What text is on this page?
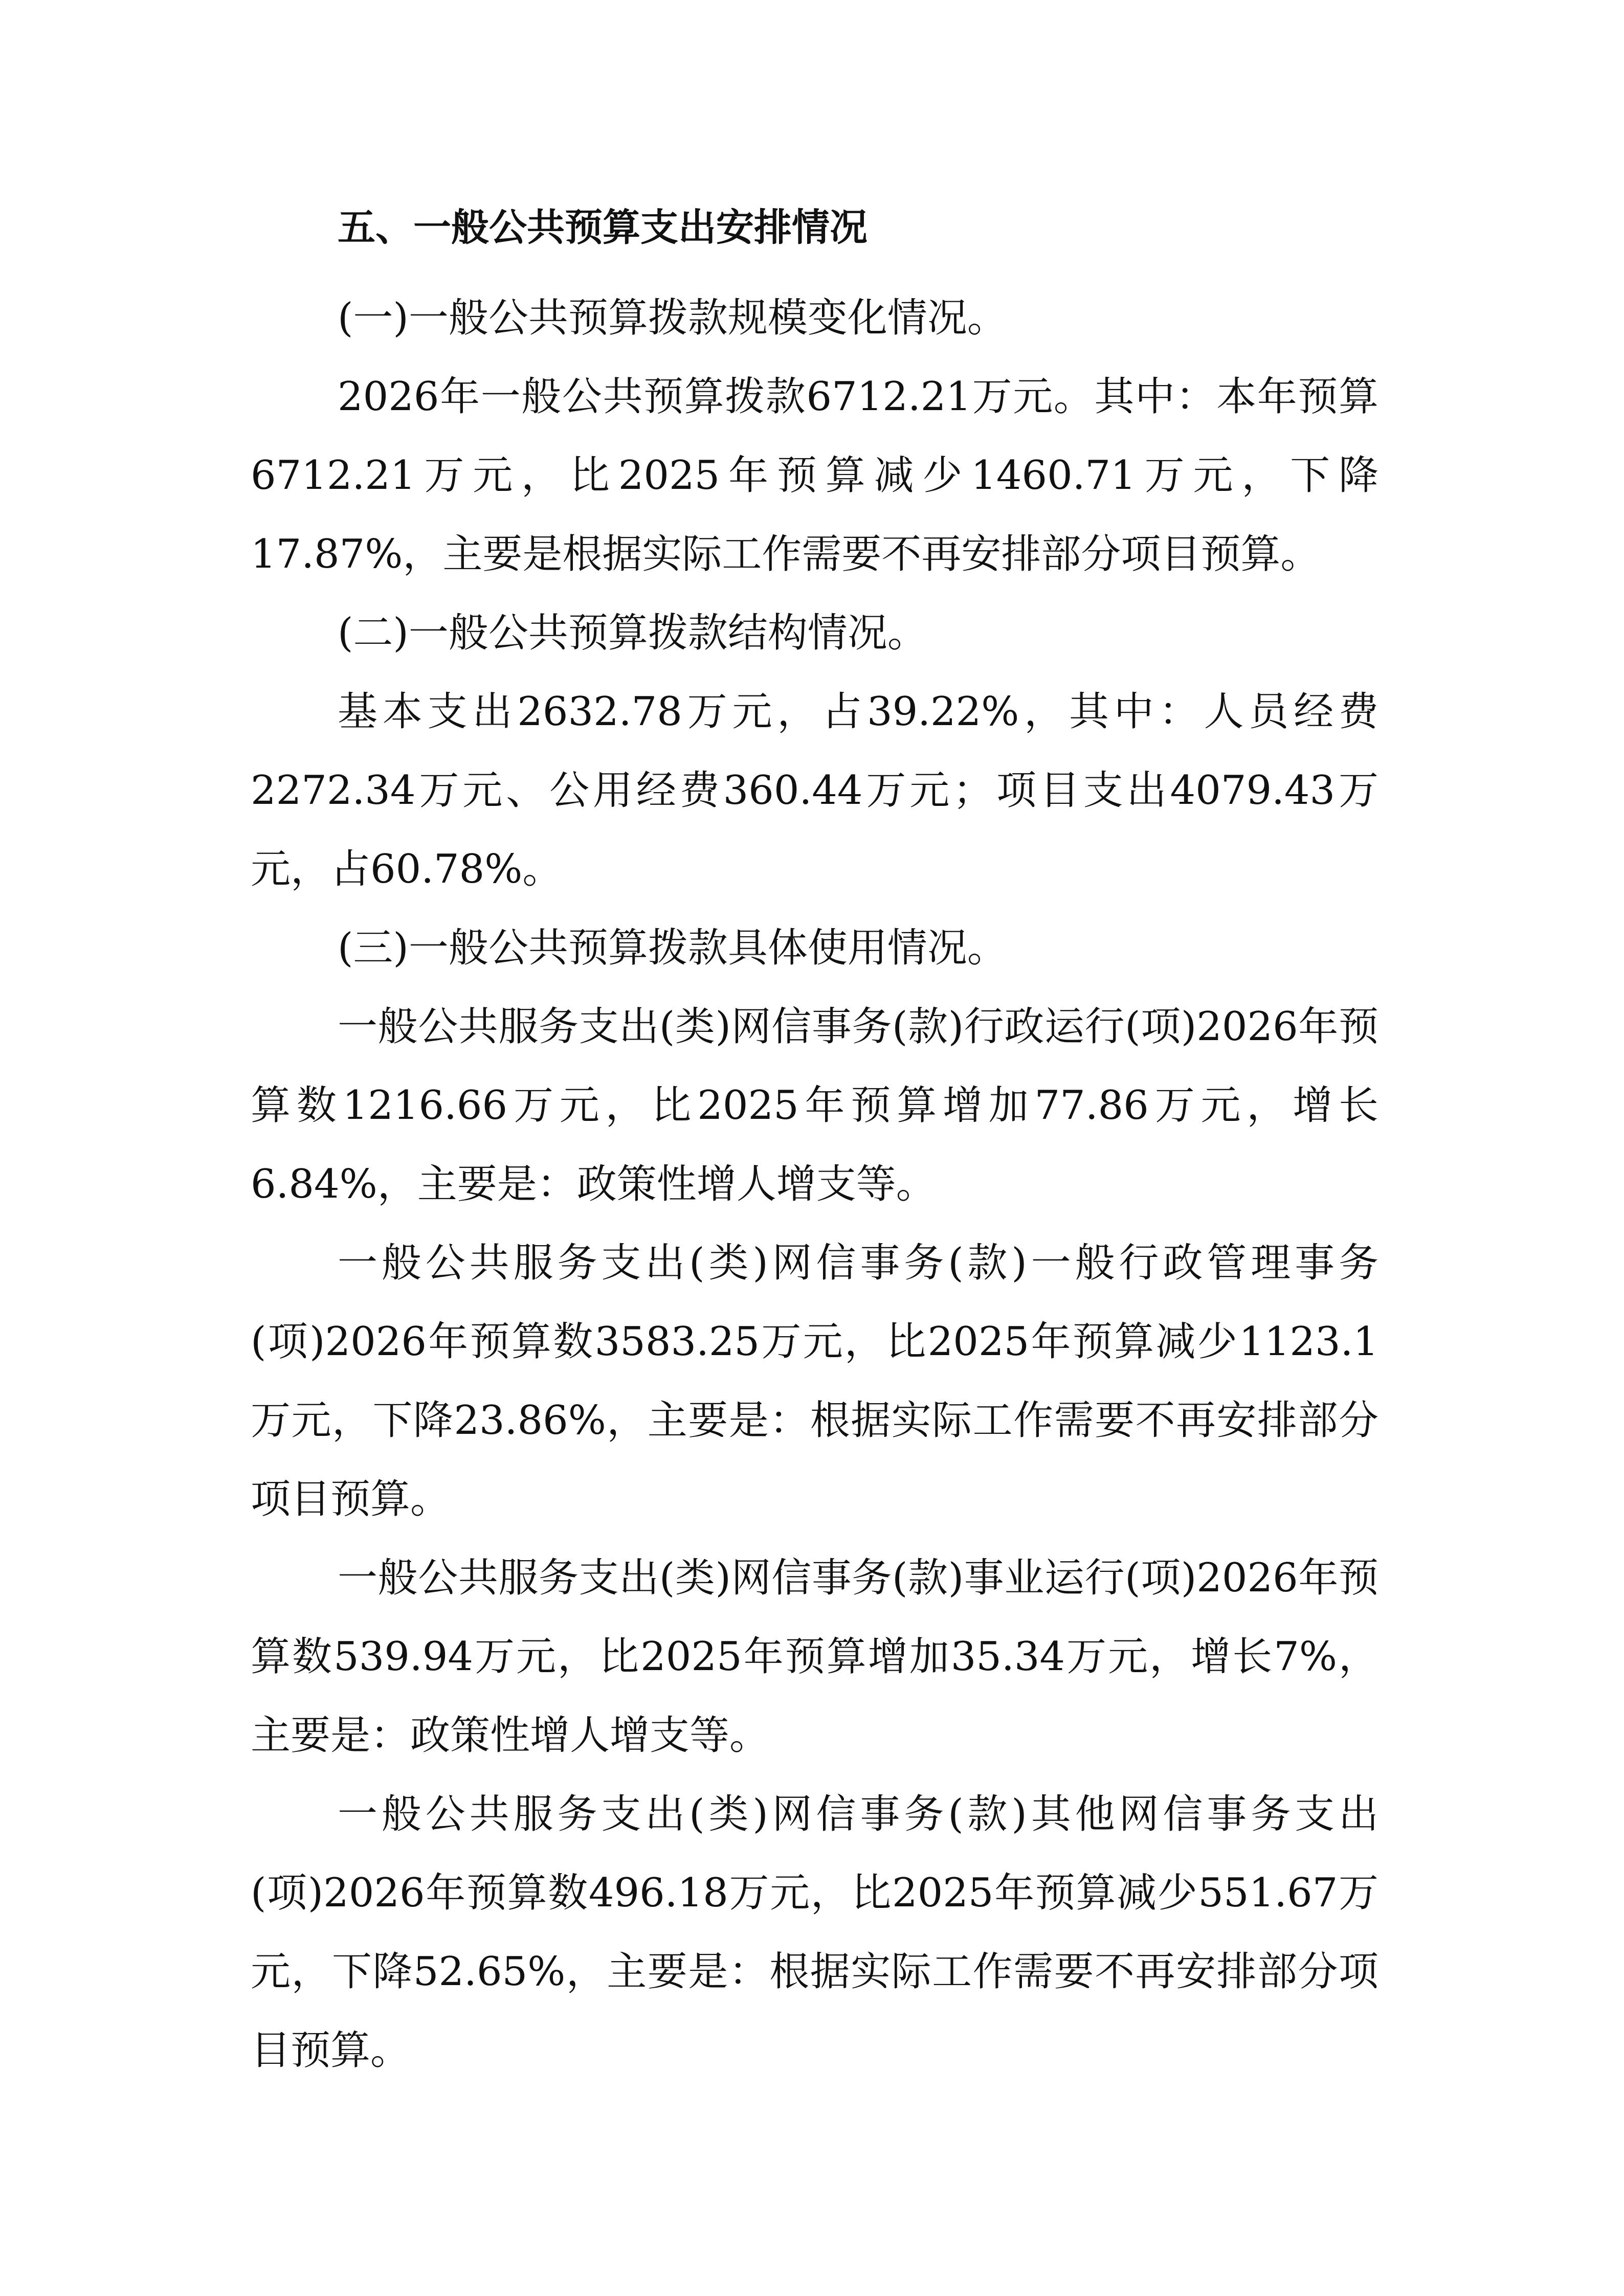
五、一般公共预算支出安排情况

(一)一般公共预算拨款规模变化情况。

2026年一般公共预算拨款6712.21万元。其中：本年预算6712.21万元，比2025年预算减少1460.71万元，下降17.87%，主要是根据实际工作需要不再安排部分项目预算。

(二)一般公共预算拨款结构情况。

基本支出2632.78万元，占39.22%，其中：人员经费2272.34万元、公用经费360.44万元；项目支出4079.43万元，占60.78%。

(三)一般公共预算拨款具体使用情况。

一般公共服务支出(类)网信事务(款)行政运行(项)2026年预算数1216.66万元，比2025年预算增加77.86万元，增长6.84%，主要是：政策性增人增支等。

一般公共服务支出(类)网信事务(款)一般行政管理事务(项)2026年预算数3583.25万元，比2025年预算减少1123.1万元，下降23.86%，主要是：根据实际工作需要不再安排部分项目预算。

一般公共服务支出(类)网信事务(款)事业运行(项)2026年预算数539.94万元，比2025年预算增加35.34万元，增长7%，主要是：政策性增人增支等。

一般公共服务支出(类)网信事务(款)其他网信事务支出(项)2026年预算数496.18万元，比2025年预算减少551.67万元，下降52.65%，主要是：根据实际工作需要不再安排部分项目预算。
